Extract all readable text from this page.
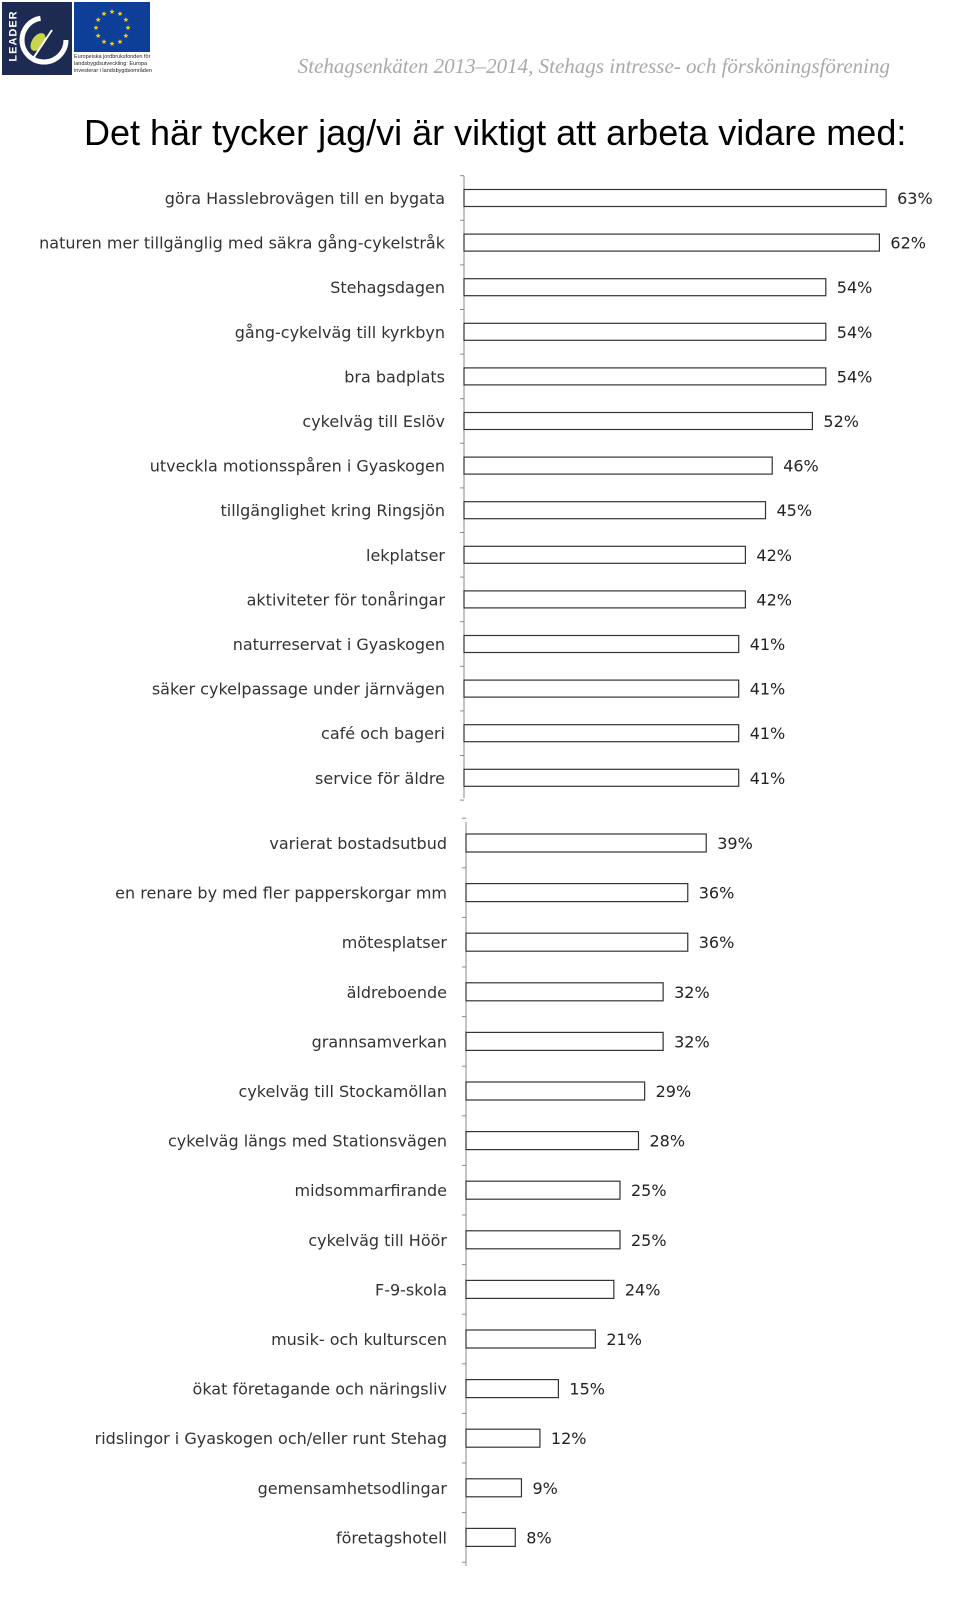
LEADER	★
★
★
★
★
★
★
★
★ ★ ★
★
Europeiska jordbruksfonden för landsbygdsutveckling: Europa investerar i landsbygdsområden	Stehagsenkäten 2013–2014, Stehags intresse- och försköningsförening
Det här tycker jag/vi är viktigt att arbeta vidare med:
göra Hasslebrovägen till en bygata	63%
naturen mer tillgänglig med säkra gång-cykelstråk	62%
Stehagsdagen	54%
gång-cykelväg till kyrkbyn	54%
bra badplats	54%
cykelväg till Eslöv	52%
utveckla motionsspåren i Gyaskogen	46%
tillgänglighet kring Ringsjön	45%
lekplatser	42%
aktiviteter för tonåringar	42%
naturreservat i Gyaskogen	41%
säker cykelpassage under järnvägen	41%
café och bageri	41%
service för äldre	41%
varierat bostadsutbud	39%
en renare by med fler papperskorgar mm	36%
mötesplatser	36%
äldreboende	32%
grannsamverkan	32%
cykelväg till Stockamöllan	29%
cykelväg längs med Stationsvägen	28%
midsommarfirande	25%
cykelväg till Höör	25%
F-9-skola	24%
musik- och kulturscen	21%
ökat företagande och näringsliv	15%
ridslingor i Gyaskogen och/eller runt Stehag	12%
gemensamhetsodlingar	9%
företagshotell	8%
